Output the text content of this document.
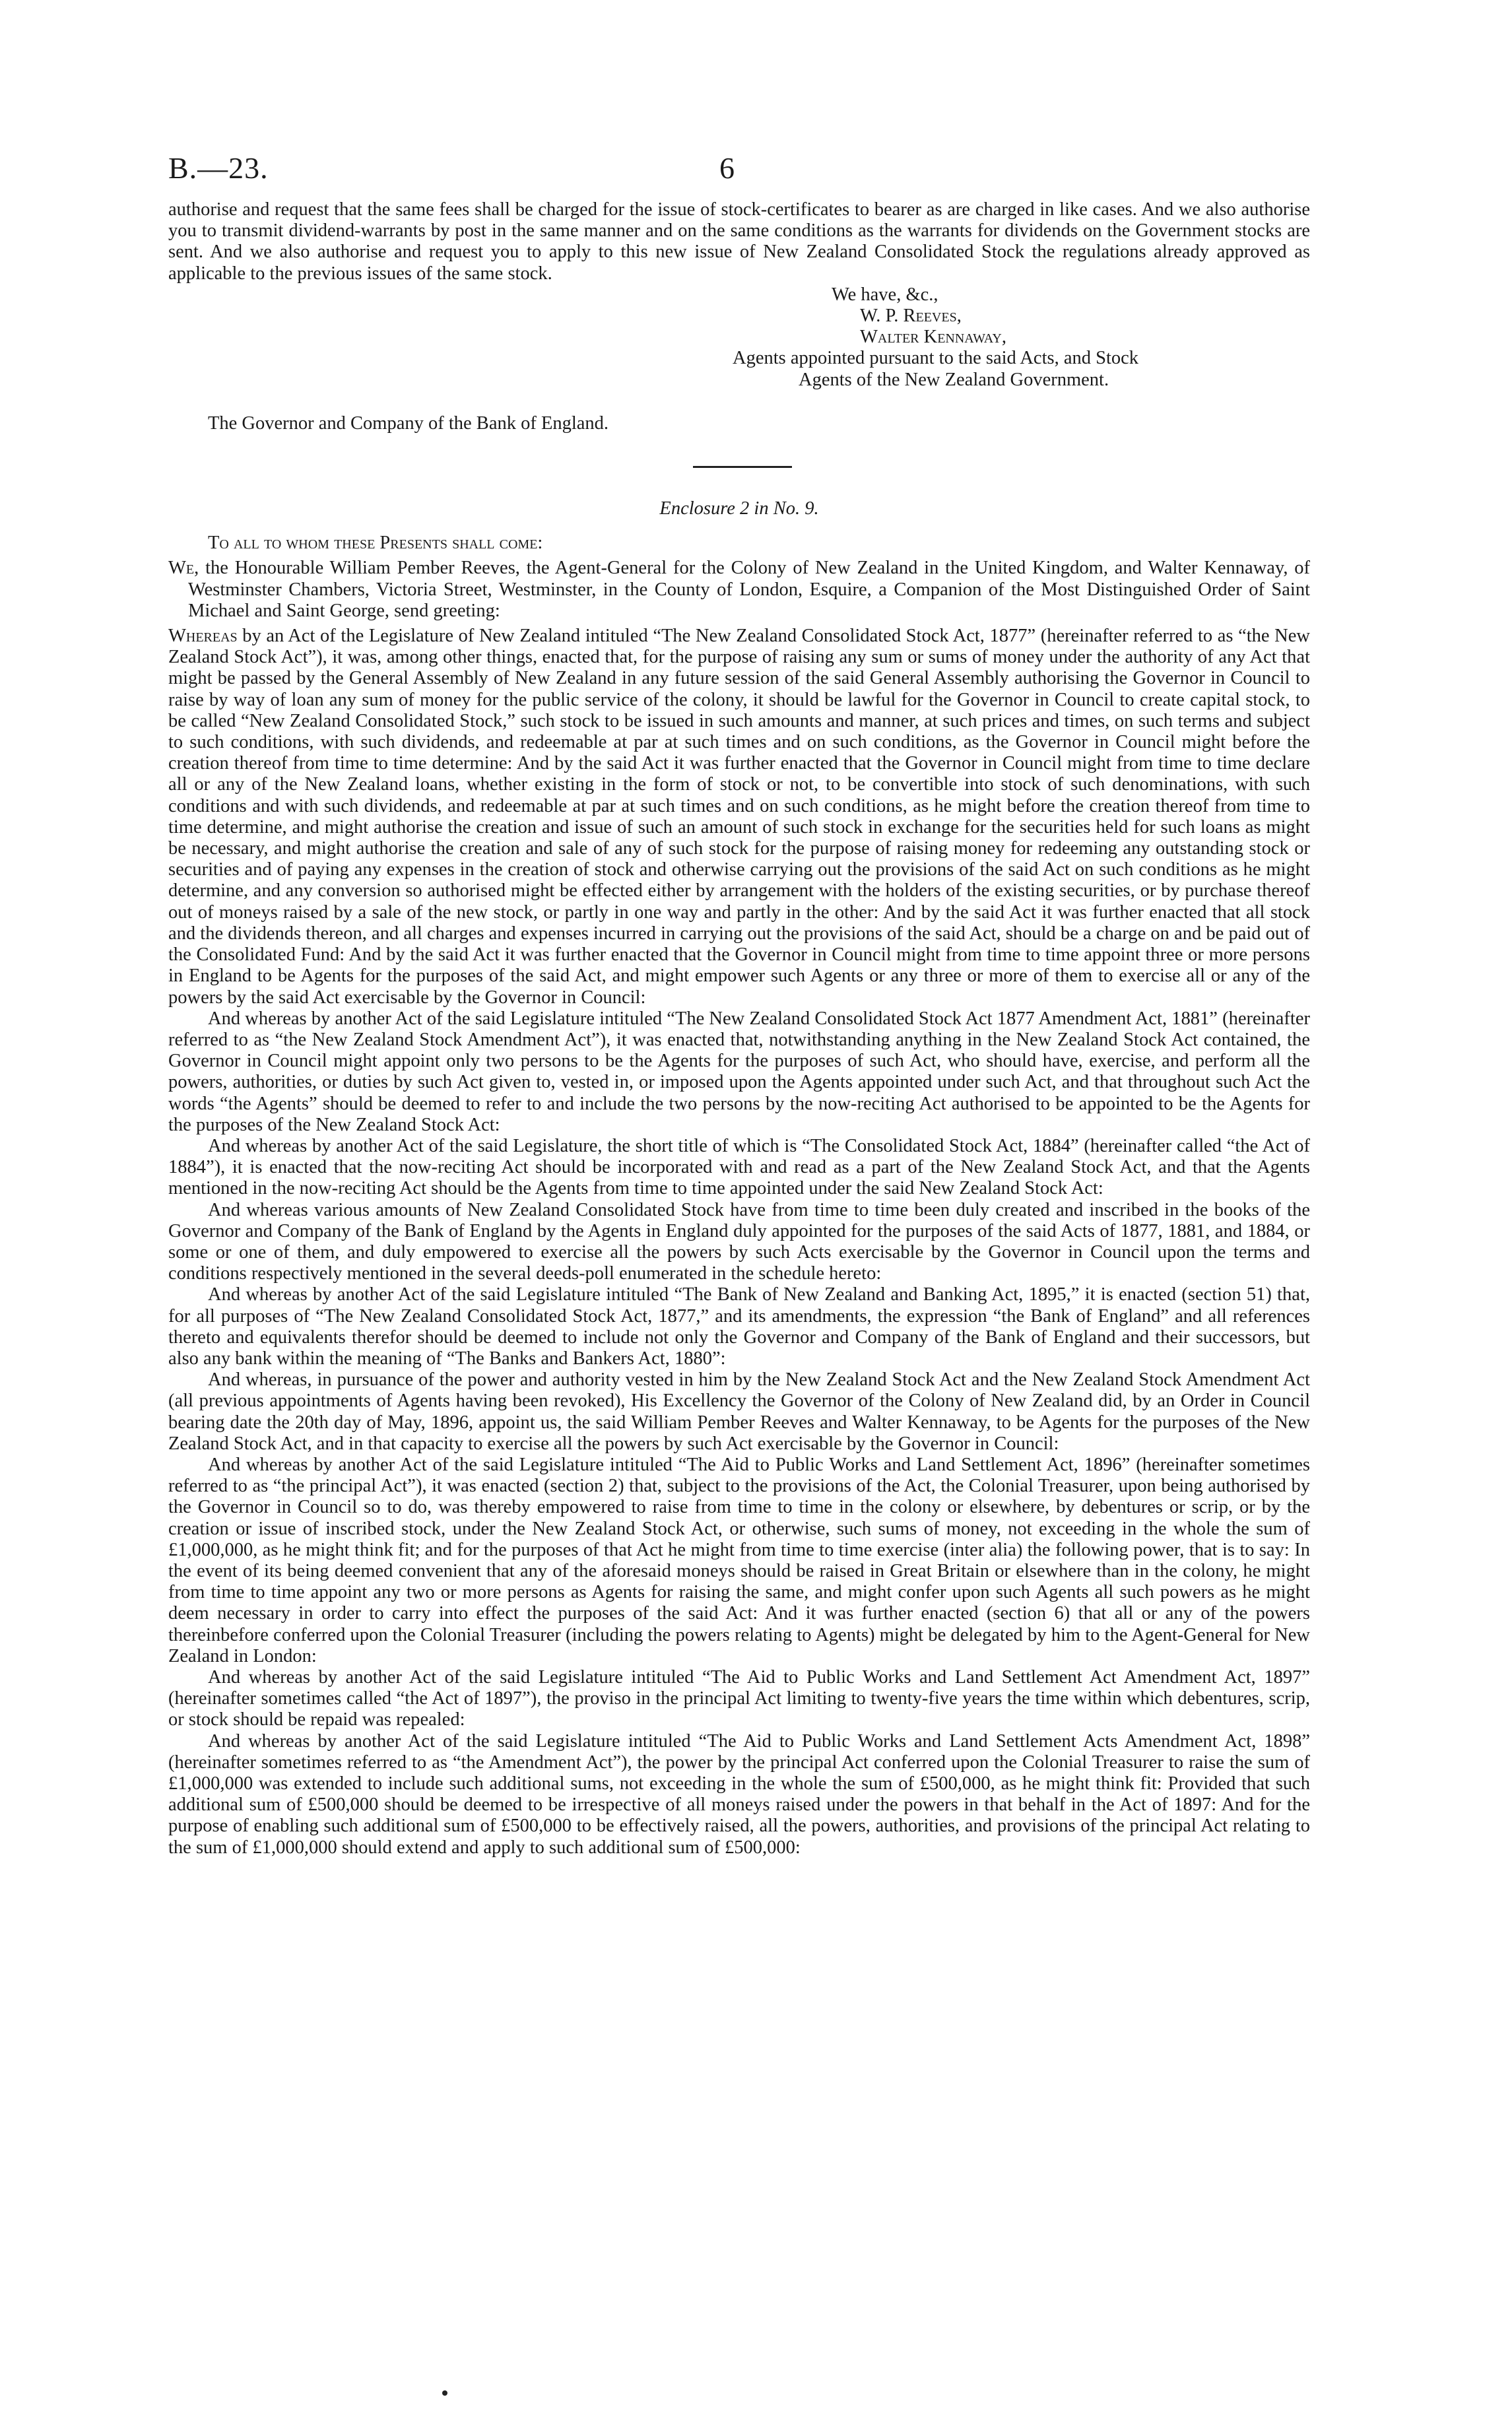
B.—23.	6

authorise and request that the same fees shall be charged for the issue of stock-certificates to bearer as are charged in like cases. And we also authorise you to transmit dividend-warrants by post in the same manner and on the same conditions as the warrants for dividends on the Government stocks are sent. And we also authorise and request you to apply to this new issue of New Zealand Consolidated Stock the regulations already approved as applicable to the previous issues of the same stock.

We have, &c.,

W. P. Reeves,

Walter Kennaway,

Agents appointed pursuant to the said Acts, and Stock

Agents of the New Zealand Government.

The Governor and Company of the Bank of England.

Enclosure 2 in No. 9.

To all to whom these Presents shall come:

We, the Honourable William Pember Reeves, the Agent-General for the Colony of New Zealand in the United Kingdom, and Walter Kennaway, of Westminster Chambers, Victoria Street, Westminster, in the County of London, Esquire, a Companion of the Most Distinguished Order of Saint Michael and Saint George, send greeting:

Whereas by an Act of the Legislature of New Zealand intituled “The New Zealand Consolidated Stock Act, 1877” (hereinafter referred to as “the New Zealand Stock Act”), it was, among other things, enacted that, for the purpose of raising any sum or sums of money under the authority of any Act that might be passed by the General Assembly of New Zealand in any future session of the said General Assembly authorising the Governor in Council to raise by way of loan any sum of money for the public service of the colony, it should be lawful for the Governor in Council to create capital stock, to be called “New Zealand Consolidated Stock,” such stock to be issued in such amounts and manner, at such prices and times, on such terms and subject to such conditions, with such dividends, and redeemable at par at such times and on such conditions, as the Governor in Council might before the creation thereof from time to time determine: And by the said Act it was further enacted that the Governor in Council might from time to time declare all or any of the New Zealand loans, whether existing in the form of stock or not, to be convertible into stock of such denominations, with such conditions and with such dividends, and redeemable at par at such times and on such conditions, as he might before the creation thereof from time to time determine, and might authorise the creation and issue of such an amount of such stock in exchange for the securities held for such loans as might be necessary, and might authorise the creation and sale of any of such stock for the purpose of raising money for redeeming any outstanding stock or securities and of paying any expenses in the creation of stock and otherwise carrying out the provisions of the said Act on such conditions as he might determine, and any conversion so authorised might be effected either by arrangement with the holders of the existing securities, or by purchase thereof out of moneys raised by a sale of the new stock, or partly in one way and partly in the other: And by the said Act it was further enacted that all stock and the dividends thereon, and all charges and expenses incurred in carrying out the provisions of the said Act, should be a charge on and be paid out of the Consolidated Fund: And by the said Act it was further enacted that the Governor in Council might from time to time appoint three or more persons in England to be Agents for the purposes of the said Act, and might empower such Agents or any three or more of them to exercise all or any of the powers by the said Act exercisable by the Governor in Council:

And whereas by another Act of the said Legislature intituled “The New Zealand Consolidated Stock Act 1877 Amendment Act, 1881” (hereinafter referred to as “the New Zealand Stock Amendment Act”), it was enacted that, notwithstanding anything in the New Zealand Stock Act contained, the Governor in Council might appoint only two persons to be the Agents for the purposes of such Act, who should have, exercise, and perform all the powers, authorities, or duties by such Act given to, vested in, or imposed upon the Agents appointed under such Act, and that throughout such Act the words “the Agents” should be deemed to refer to and include the two persons by the now-reciting Act authorised to be appointed to be the Agents for the purposes of the New Zealand Stock Act:

And whereas by another Act of the said Legislature, the short title of which is “The Consolidated Stock Act, 1884” (hereinafter called “the Act of 1884”), it is enacted that the now-reciting Act should be incorporated with and read as a part of the New Zealand Stock Act, and that the Agents mentioned in the now-reciting Act should be the Agents from time to time appointed under the said New Zealand Stock Act:

And whereas various amounts of New Zealand Consolidated Stock have from time to time been duly created and inscribed in the books of the Governor and Company of the Bank of England by the Agents in England duly appointed for the purposes of the said Acts of 1877, 1881, and 1884, or some or one of them, and duly empowered to exercise all the powers by such Acts exercisable by the Governor in Council upon the terms and conditions respectively mentioned in the several deeds-poll enumerated in the schedule hereto:

And whereas by another Act of the said Legislature intituled “The Bank of New Zealand and Banking Act, 1895,” it is enacted (section 51) that, for all purposes of “The New Zealand Consolidated Stock Act, 1877,” and its amendments, the expression “the Bank of England” and all references thereto and equivalents therefor should be deemed to include not only the Governor and Company of the Bank of England and their successors, but also any bank within the meaning of “The Banks and Bankers Act, 1880”:

And whereas, in pursuance of the power and authority vested in him by the New Zealand Stock Act and the New Zealand Stock Amendment Act (all previous appointments of Agents having been revoked), His Excellency the Governor of the Colony of New Zealand did, by an Order in Council bearing date the 20th day of May, 1896, appoint us, the said William Pember Reeves and Walter Kennaway, to be Agents for the purposes of the New Zealand Stock Act, and in that capacity to exercise all the powers by such Act exercisable by the Governor in Council:

And whereas by another Act of the said Legislature intituled “The Aid to Public Works and Land Settlement Act, 1896” (hereinafter sometimes referred to as “the principal Act”), it was enacted (section 2) that, subject to the provisions of the Act, the Colonial Treasurer, upon being authorised by the Governor in Council so to do, was thereby empowered to raise from time to time in the colony or elsewhere, by debentures or scrip, or by the creation or issue of inscribed stock, under the New Zealand Stock Act, or otherwise, such sums of money, not exceeding in the whole the sum of £1,000,000, as he might think fit; and for the purposes of that Act he might from time to time exercise (inter alia) the following power, that is to say: In the event of its being deemed convenient that any of the aforesaid moneys should be raised in Great Britain or elsewhere than in the colony, he might from time to time appoint any two or more persons as Agents for raising the same, and might confer upon such Agents all such powers as he might deem necessary in order to carry into effect the purposes of the said Act: And it was further enacted (section 6) that all or any of the powers thereinbefore conferred upon the Colonial Treasurer (including the powers relating to Agents) might be delegated by him to the Agent-General for New Zealand in London:

And whereas by another Act of the said Legislature intituled “The Aid to Public Works and Land Settlement Act Amendment Act, 1897” (hereinafter sometimes called “the Act of 1897”), the proviso in the principal Act limiting to twenty-five years the time within which debentures, scrip, or stock should be repaid was repealed:

And whereas by another Act of the said Legislature intituled “The Aid to Public Works and Land Settlement Acts Amendment Act, 1898” (hereinafter sometimes referred to as “the Amendment Act”), the power by the principal Act conferred upon the Colonial Treasurer to raise the sum of £1,000,000 was extended to include such additional sums, not exceeding in the whole the sum of £500,000, as he might think fit: Provided that such additional sum of £500,000 should be deemed to be irrespective of all moneys raised under the powers in that behalf in the Act of 1897: And for the purpose of enabling such additional sum of £500,000 to be effectively raised, all the powers, authorities, and provisions of the principal Act relating to the sum of £1,000,000 should extend and apply to such additional sum of £500,000:
